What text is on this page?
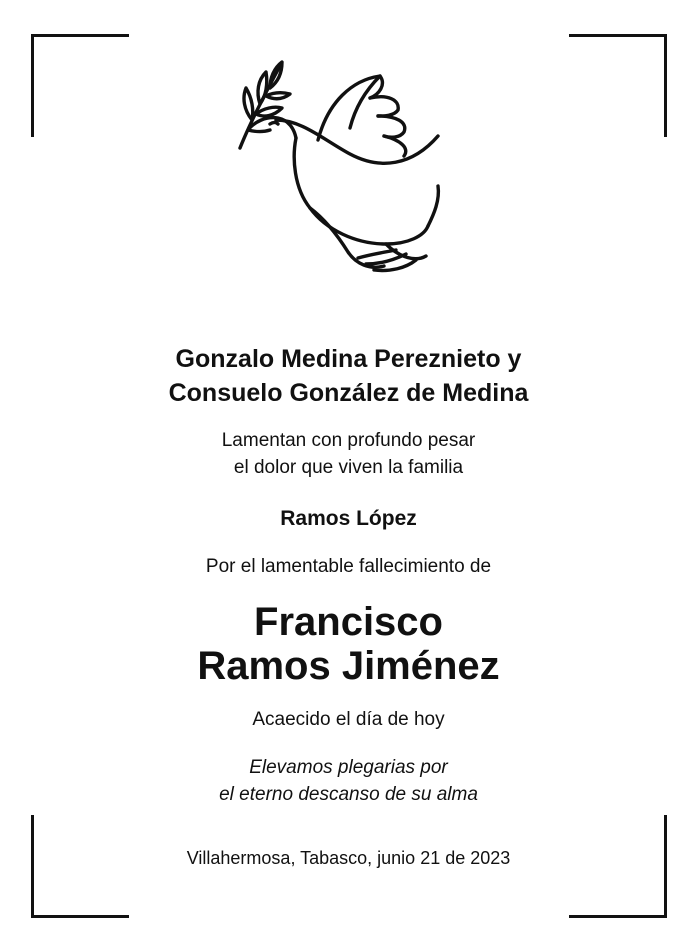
Gonzalo Medina Pereznieto y
Consuelo González de Medina
Lamentan con profundo pesar
el dolor que viven la familia
Ramos López
Por el lamentable fallecimiento de
Francisco
Ramos Jiménez
Acaecido el día de hoy
Elevamos plegarias por
el eterno descanso de su alma
Villahermosa, Tabasco, junio 21 de 2023
